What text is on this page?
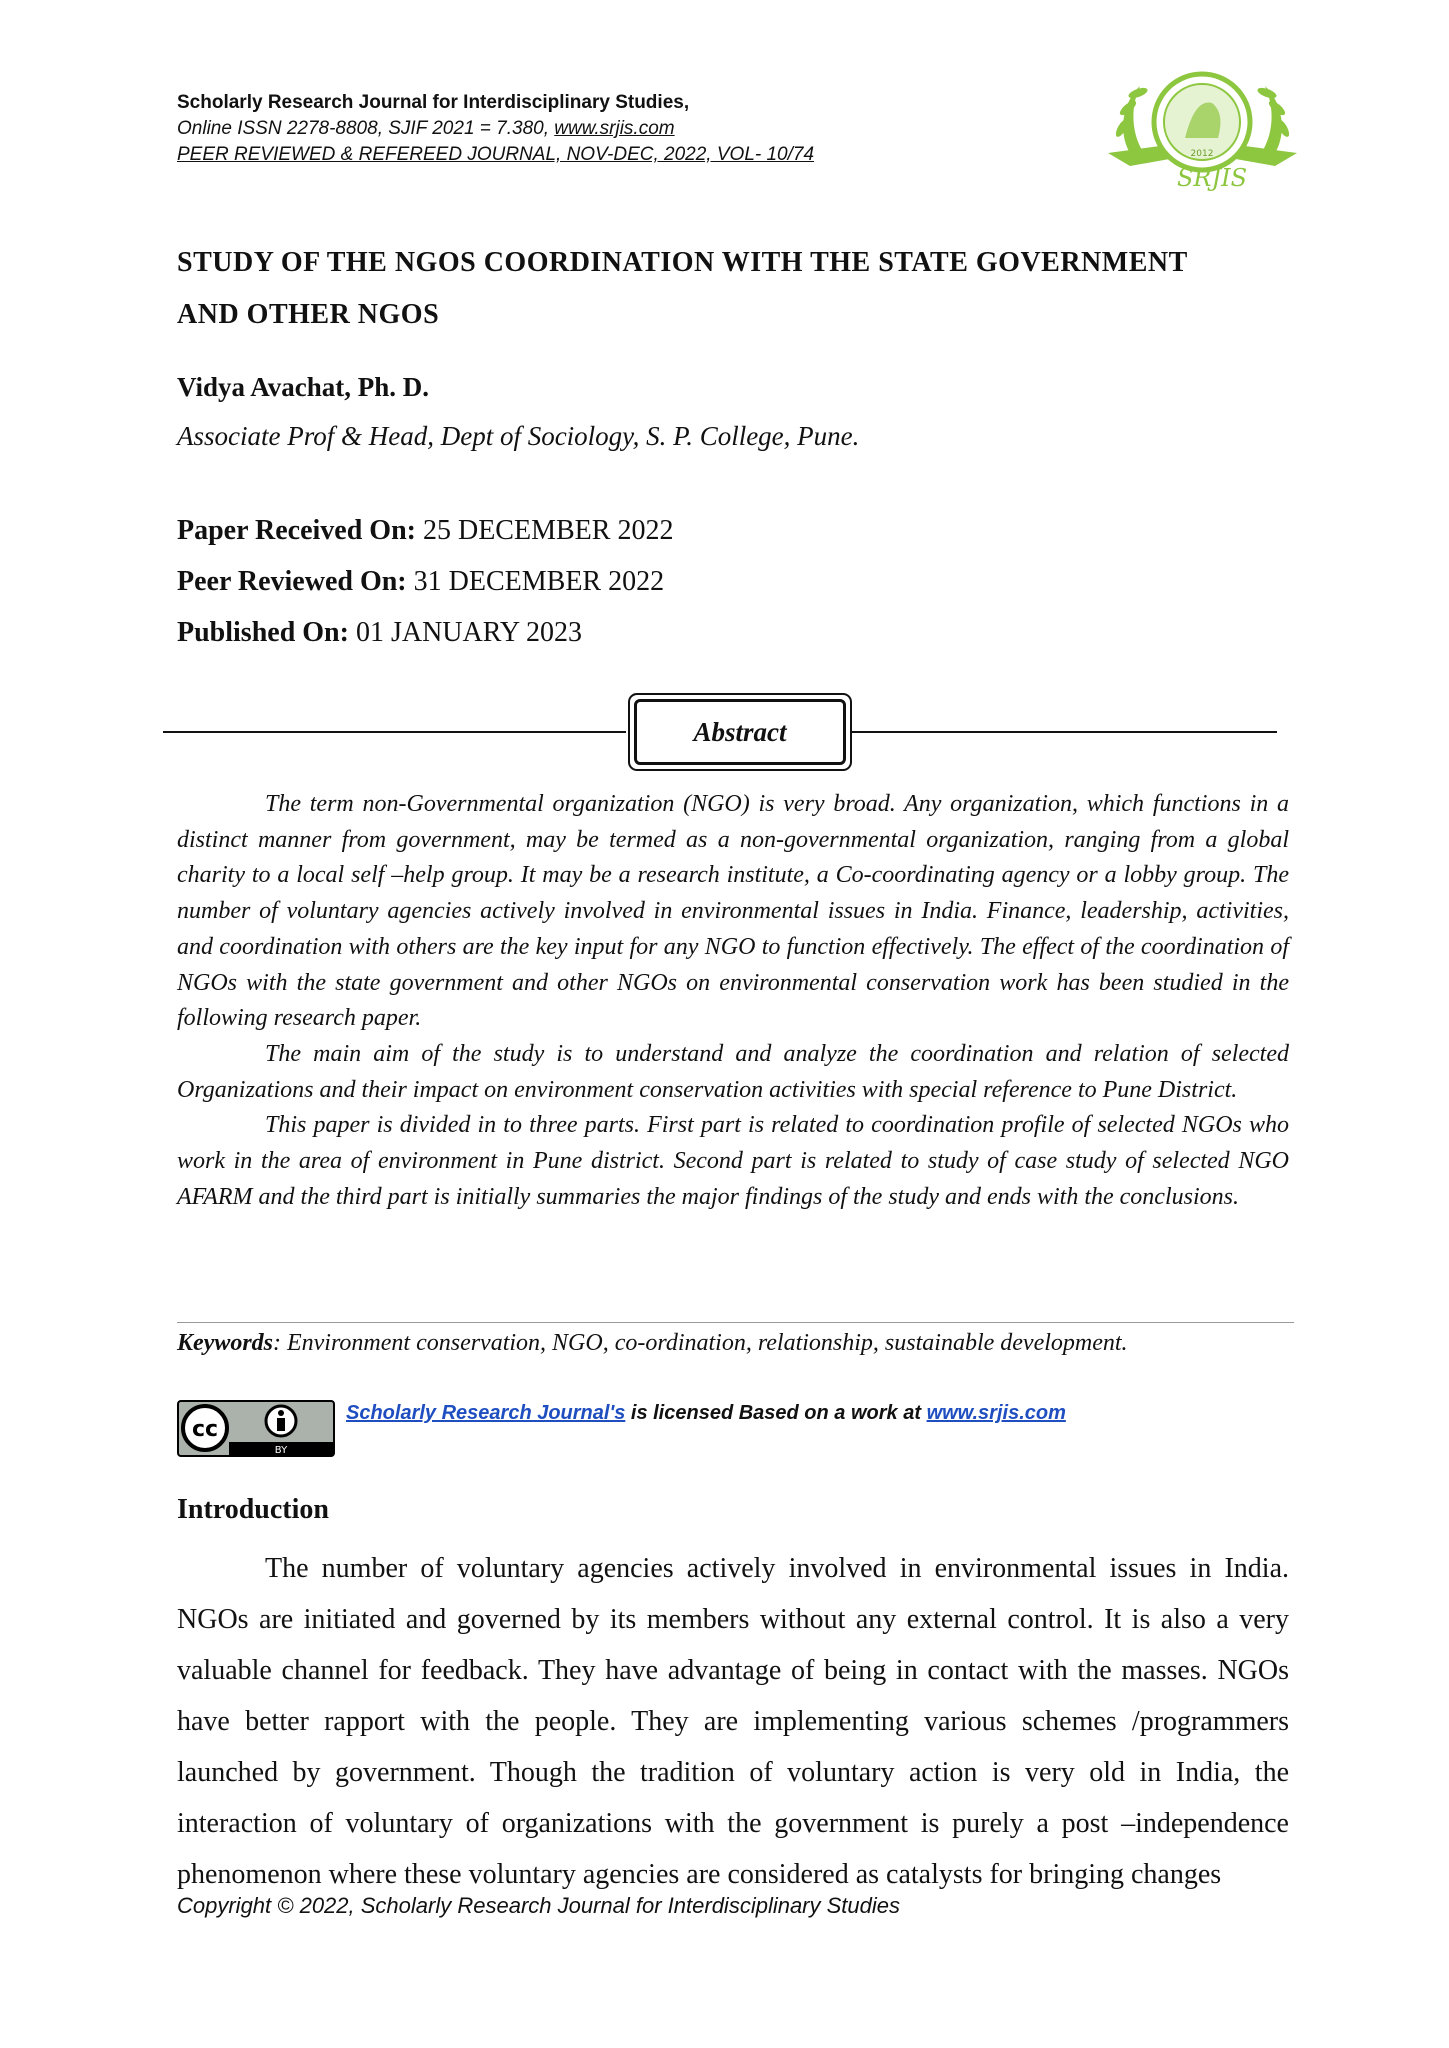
Scholarly Research Journal for Interdisciplinary Studies,
Online ISSN 2278-8808, SJIF 2021 = 7.380, www.srjis.com
PEER REVIEWED & REFEREED JOURNAL, NOV-DEC, 2022, VOL- 10/74	2012
SRJIS
STUDY OF THE NGOS COORDINATION WITH THE STATE GOVERNMENT
AND OTHER NGOS
Vidya Avachat, Ph. D.
Associate Prof & Head, Dept of Sociology, S. P. College, Pune.
Paper Received On: 25 DECEMBER 2022
Peer Reviewed On: 31 DECEMBER 2022
Published On: 01 JANUARY 2023
Abstract

The term non-Governmental organization (NGO) is very broad. Any organization, which functions in a distinct manner from government, may be termed as a non-governmental organization, ranging from a global charity to a local self –help group. It may be a research institute, a Co-coordinating agency or a lobby group. The number of voluntary agencies actively involved in environmental issues in India. Finance, leadership, activities, and coordination with others are the key input for any NGO to function effectively. The effect of the coordination of NGOs with the state government and other NGOs on environmental conservation work has been studied in the following research paper.

The main aim of the study is to understand and analyze the coordination and relation of selected Organizations and their impact on environment conservation activities with special reference to Pune District.

This paper is divided in to three parts. First part is related to coordination profile of selected NGOs who work in the area of environment in Pune district. Second part is related to study of case study of selected NGO AFARM and the third part is initially summaries the major findings of the study and ends with the conclusions.

Keywords: Environment conservation, NGO, co-ordination, relationship, sustainable development.
cc
BY
Scholarly Research Journal's is licensed Based on a work at www.srjis.com
Introduction

The number of voluntary agencies actively involved in environmental issues in India. NGOs are initiated and governed by its members without any external control. It is also a very valuable channel for feedback. They have advantage of being in contact with the masses. NGOs have better rapport with the people. They are implementing various schemes /programmers launched by government. Though the tradition of voluntary action is very old in India, the interaction of voluntary of organizations with the government is purely a post –independence phenomenon where these voluntary agencies are considered as catalysts for bringing changes

Copyright © 2022, Scholarly Research Journal for Interdisciplinary Studies
